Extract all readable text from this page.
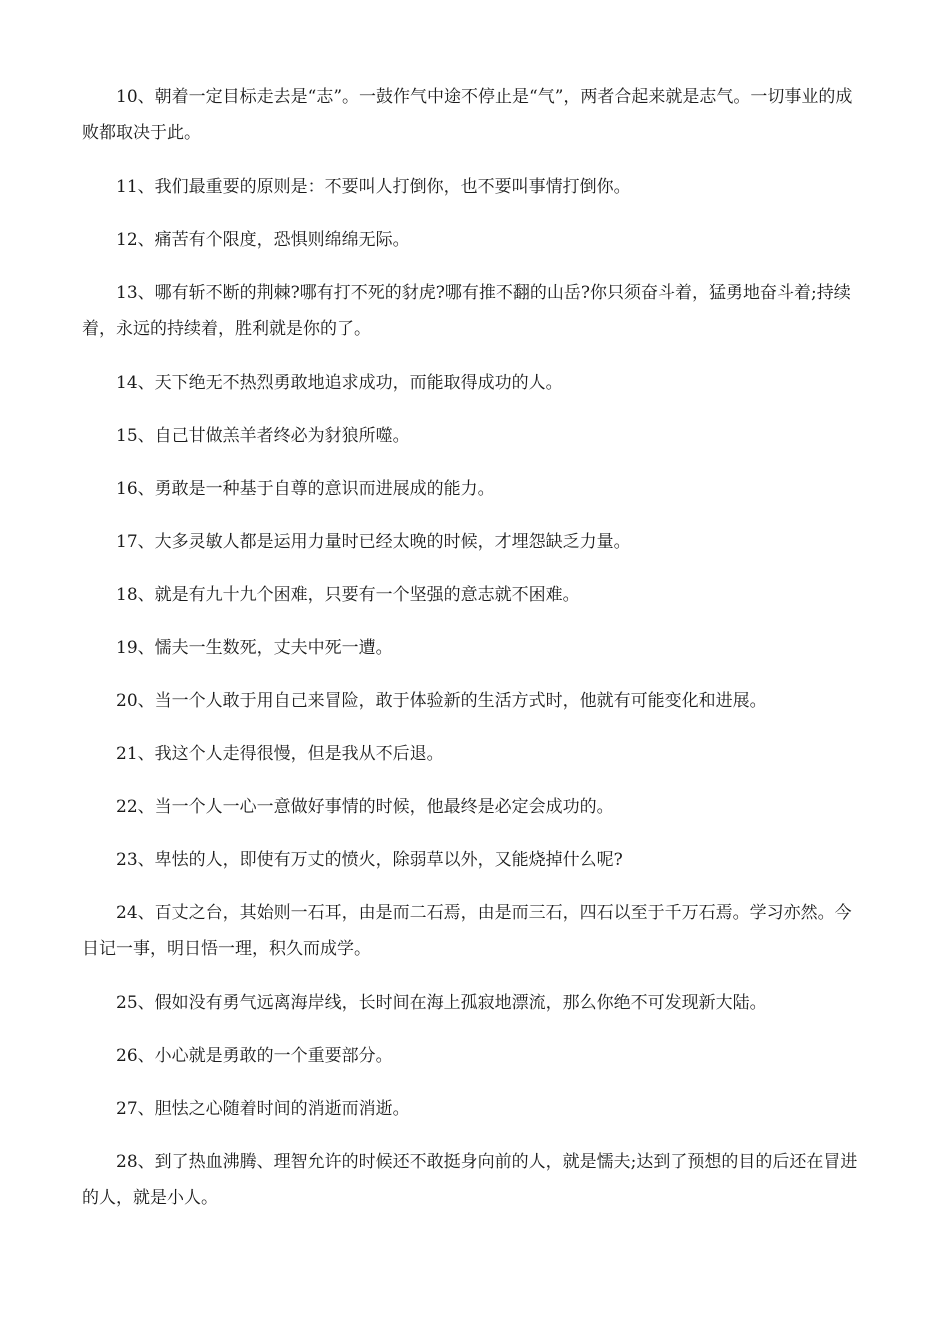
10、朝着一定目标走去是“志”。一鼓作气中途不停止是“气”，两者合起来就是志气。一切事业的成败都取决于此。

11、我们最重要的原则是：不要叫人打倒你，也不要叫事情打倒你。

12、痛苦有个限度，恐惧则绵绵无际。

13、哪有斩不断的荆棘?哪有打不死的豺虎?哪有推不翻的山岳?你只须奋斗着，猛勇地奋斗着;持续着，永远的持续着，胜利就是你的了。

14、天下绝无不热烈勇敢地追求成功，而能取得成功的人。

15、自己甘做羔羊者终必为豺狼所噬。

16、勇敢是一种基于自尊的意识而进展成的能力。

17、大多灵敏人都是运用力量时已经太晚的时候，才埋怨缺乏力量。

18、就是有九十九个困难，只要有一个坚强的意志就不困难。

19、懦夫一生数死，丈夫中死一遭。

20、当一个人敢于用自己来冒险，敢于体验新的生活方式时，他就有可能变化和进展。

21、我这个人走得很慢，但是我从不后退。

22、当一个人一心一意做好事情的时候，他最终是必定会成功的。

23、卑怯的人，即使有万丈的愤火，除弱草以外，又能烧掉什么呢?

24、百丈之台，其始则一石耳，由是而二石焉，由是而三石，四石以至于千万石焉。学习亦然。今日记一事，明日悟一理，积久而成学。

25、假如没有勇气远离海岸线，长时间在海上孤寂地漂流，那么你绝不可发现新大陆。

26、小心就是勇敢的一个重要部分。

27、胆怯之心随着时间的消逝而消逝。

28、到了热血沸腾、理智允许的时候还不敢挺身向前的人，就是懦夫;达到了预想的目的后还在冒进的人，就是小人。
